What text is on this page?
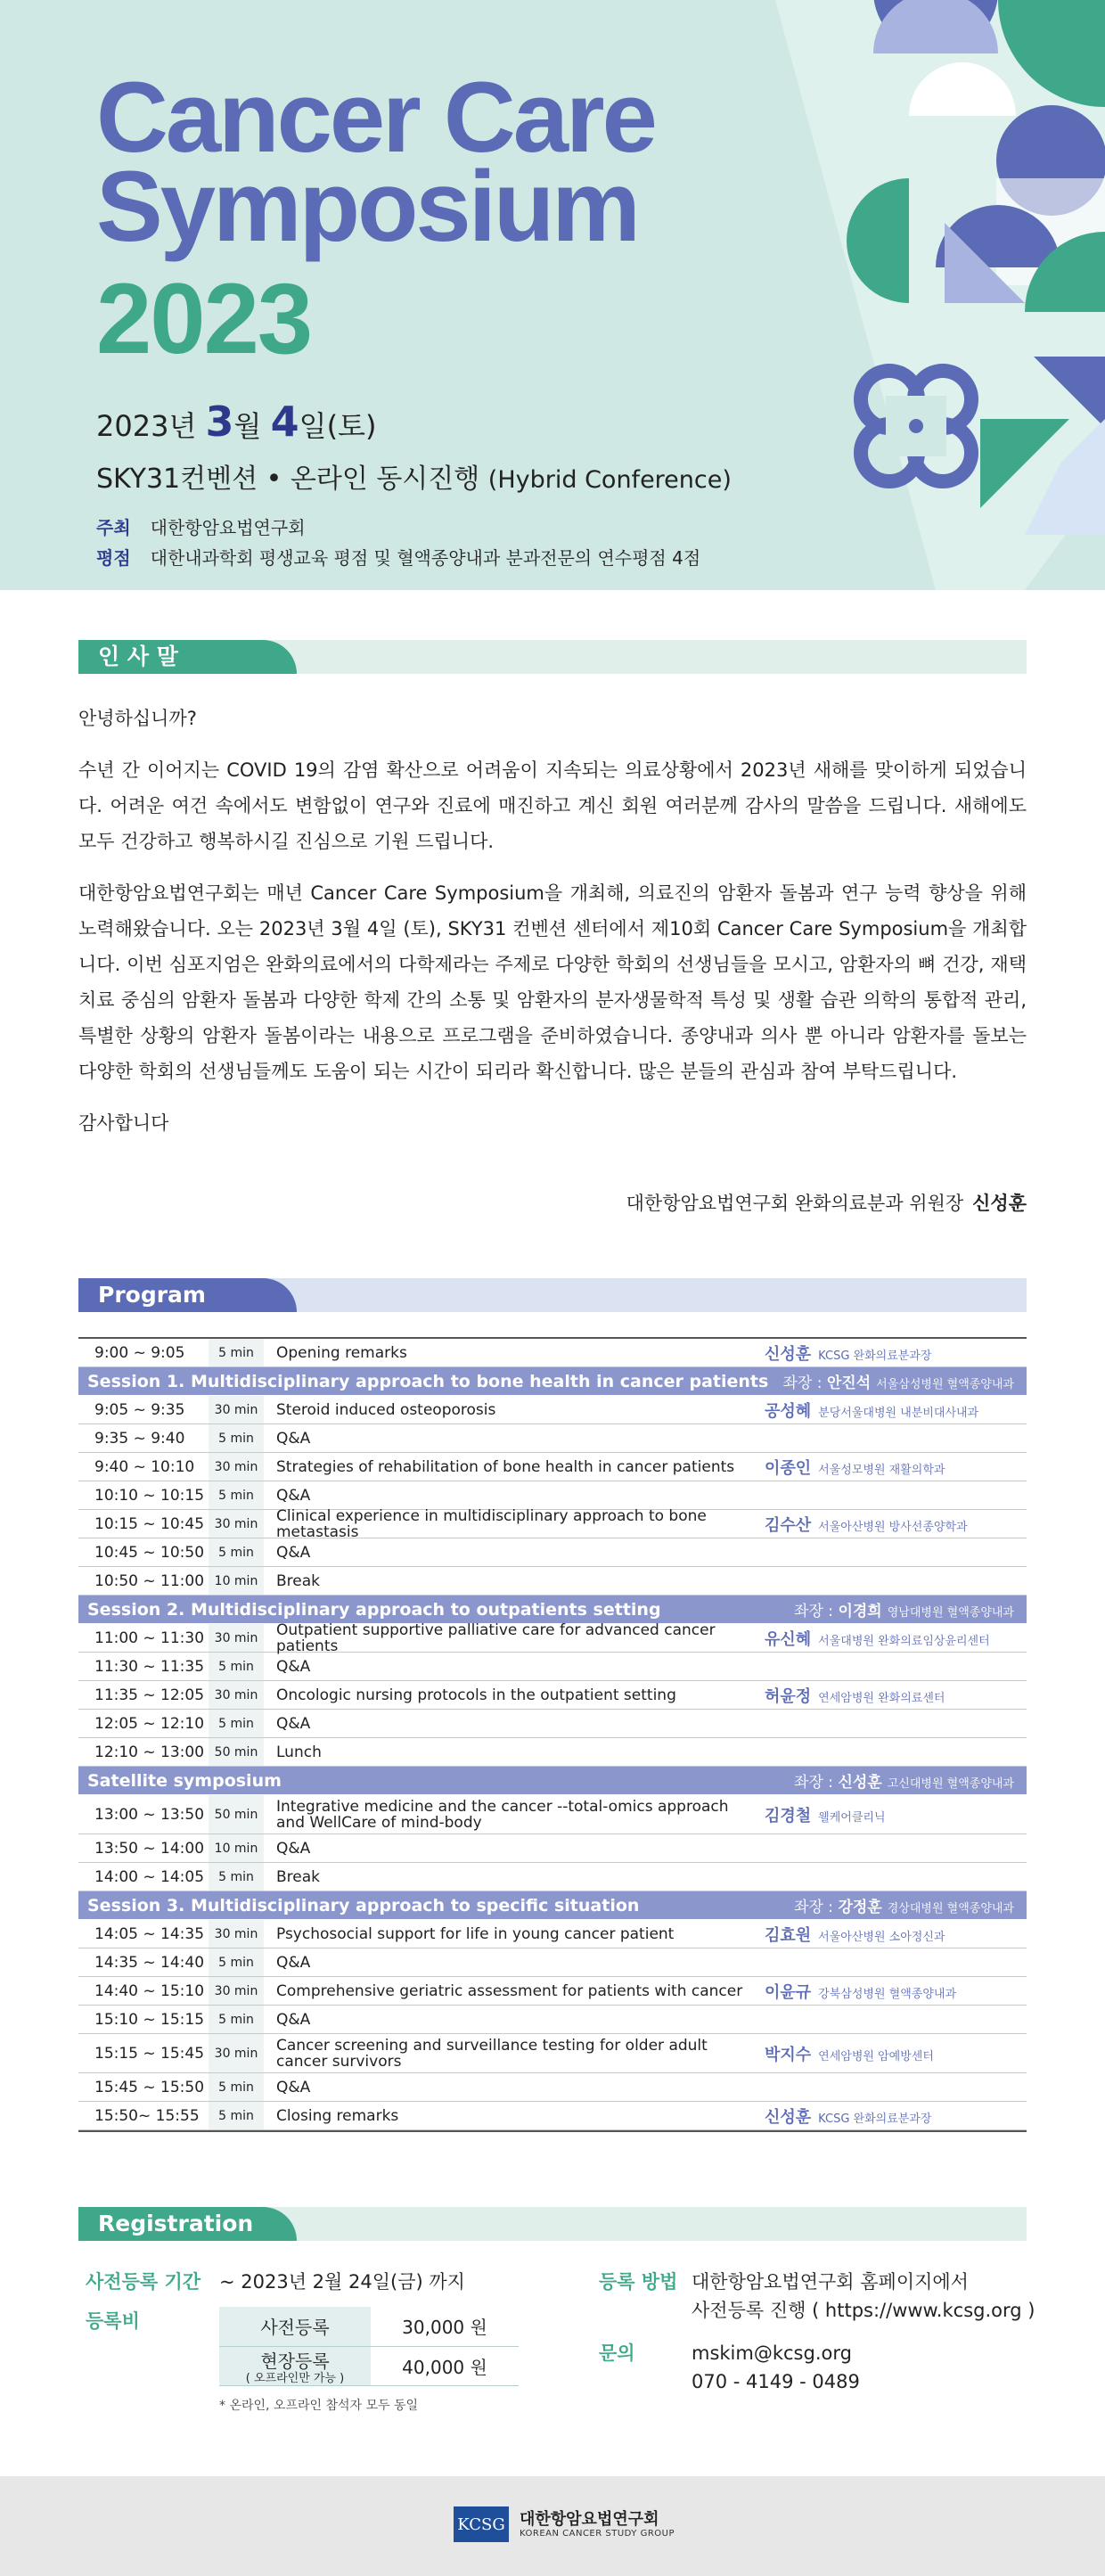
Cancer Care
Symposium
2023
2023년 3월 4일(토)
SKY31컨벤션 • 온라인 동시진행 (Hybrid Conference)
주최 대한항암요법연구회
평점 대한내과학회 평생교육 평점 및 혈액종양내과 분과전문의 연수평점 4점
인 사 말

안녕하십니까?

수년 간 이어지는 COVID 19의 감염 확산으로 어려움이 지속되는 의료상황에서 2023년 새해를 맞이하게 되었습니다. 어려운 여건 속에서도 변함없이 연구와 진료에 매진하고 계신 회원 여러분께 감사의 말씀을 드립니다. 새해에도 모두 건강하고 행복하시길 진심으로 기원 드립니다.

대한항암요법연구회는 매년 Cancer Care Symposium을 개최해, 의료진의 암환자 돌봄과 연구 능력 향상을 위해 노력해왔습니다. 오는 2023년 3월 4일 (토), SKY31 컨벤션 센터에서 제10회 Cancer Care Symposium을 개최합니다. 이번 심포지엄은 완화의료에서의 다학제라는 주제로 다양한 학회의 선생님들을 모시고, 암환자의 뼈 건강, 재택 치료 중심의 암환자 돌봄과 다양한 학제 간의 소통 및 암환자의 분자생물학적 특성 및 생활 습관 의학의 통합적 관리, 특별한 상황의 암환자 돌봄이라는 내용으로 프로그램을 준비하였습니다. 종양내과 의사 뿐 아니라 암환자를 돌보는 다양한 학회의 선생님들께도 도움이 되는 시간이 되리라 확신합니다. 많은 분들의 관심과 참여 부탁드립니다.

감사합니다

대한항암요법연구회 완화의료분과 위원장 신성훈
Program
9:00 ~ 9:05	5 min	Opening remarks	신성훈 KCSG 완화의료분과장
Session 1. Multidisciplinary approach to bone health in cancer patients 좌장 : 안진석 서울삼성병원 혈액종양내과
9:05 ~ 9:35	30 min	Steroid induced osteoporosis	공성혜 분당서울대병원 내분비대사내과
9:35 ~ 9:40	5 min	Q&A
9:40 ~ 10:10	30 min	Strategies of rehabilitation of bone health in cancer patients	이종인 서울성모병원 재활의학과
10:10 ~ 10:15	5 min	Q&A
10:15 ~ 10:45 30 min	Clinical experience in multidisciplinary approach to bone metastasis	김수산 서울아산병원 방사선종양학과
10:45 ~ 10:50	5 min	Q&A
10:50 ~ 11:00 10 min	Break
Session 2. Multidisciplinary approach to outpatients setting	좌장 : 이경희 영남대병원 혈액종양내과
11:00 ~ 11:30 30 min	Outpatient supportive palliative care for advanced cancer patients	유신혜 서울대병원 완화의료임상윤리센터
11:30 ~ 11:35	5 min	Q&A
11:35 ~ 12:05 30 min	Oncologic nursing protocols in the outpatient setting	허윤정 연세암병원 완화의료센터
12:05 ~ 12:10	5 min	Q&A
12:10 ~ 13:00 50 min	Lunch
Satellite symposium	좌장 : 신성훈 고신대병원 혈액종양내과
13:00 ~ 13:50 50 min	Integrative medicine and the cancer --total-omics approach and WellCare of mind-body	김경철 웰케어클리닉
13:50 ~ 14:00 10 min	Q&A
14:00 ~ 14:05	5 min	Break
Session 3. Multidisciplinary approach to specific situation	좌장 : 강정훈 경상대병원 혈액종양내과
14:05 ~ 14:35 30 min	Psychosocial support for life in young cancer patient	김효원 서울아산병원 소아정신과
14:35 ~ 14:40	5 min	Q&A
14:40 ~ 15:10 30 min	Comprehensive geriatric assessment for patients with cancer	이윤규 강북삼성병원 혈액종양내과
15:10 ~ 15:15	5 min	Q&A
15:15 ~ 15:45 30 min	Cancer screening and surveillance testing for older adult cancer survivors	박지수 연세암병원 암예방센터
15:45 ~ 15:50	5 min	Q&A
15:50~ 15:55	5 min	Closing remarks	신성훈 KCSG 완화의료분과장
Registration
사전등록 기간 ~ 2023년 2월 24일(금) 까지
등록비	사전등록	30,000 원
현장등록
( 오프라인만 가능 )	40,000 원
* 온라인, 오프라인 참석자 모두 동일
등록 방법 대한항암요법연구회 홈페이지에서
사전등록 진행 ( https://www.kcsg.org )
문의	mskim@kcsg.org
070 - 4149 - 0489
KCSG 대한항암요법연구회
KOREAN CANCER STUDY GROUP
